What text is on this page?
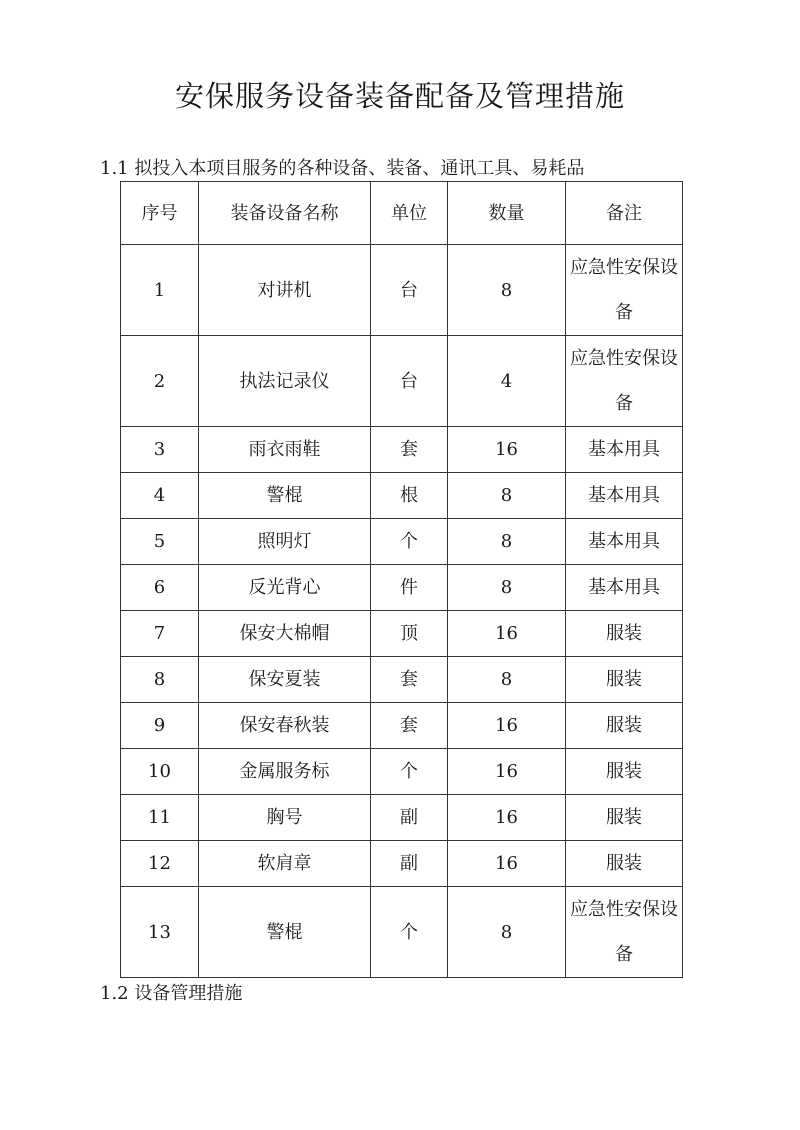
安保服务设备装备配备及管理措施

1.1 拟投入本项目服务的各种设备、装备、通讯工具、易耗品

序号	装备设备名称	单位	数量	备注
1	对讲机	台	8	应急性安保设备
2	执法记录仪	台	4	应急性安保设备
3	雨衣雨鞋	套	16	基本用具
4	警棍	根	8	基本用具
5	照明灯	个	8	基本用具
6	反光背心	件	8	基本用具
7	保安大棉帽	顶	16	服装
8	保安夏装	套	8	服装
9	保安春秋装	套	16	服装
10	金属服务标	个	16	服装
11	胸号	副	16	服装
12	软肩章	副	16	服装
13	警棍	个	8	应急性安保设备

1.2 设备管理措施
